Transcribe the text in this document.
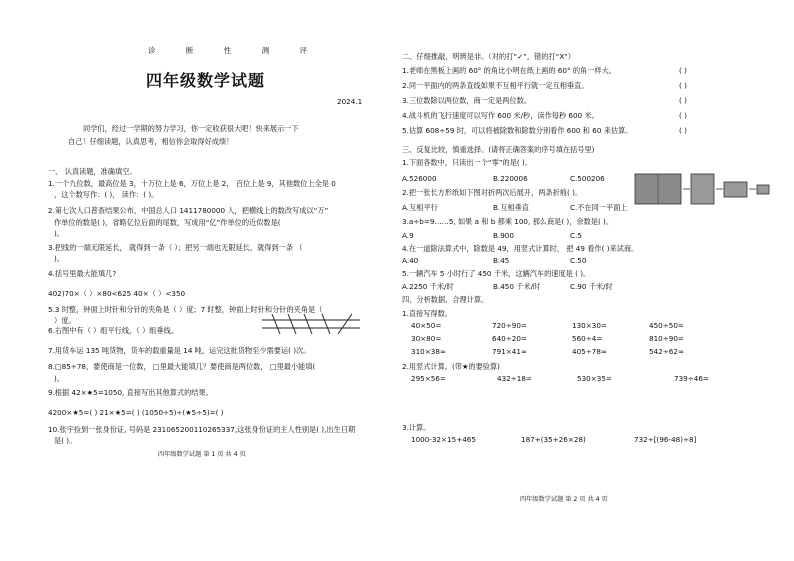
诊 断 性 测 评
四年级数学试题
2024.1
同学们，经过一学期的努力学习，你一定收获很大吧！快来展示一下
自己！仔细读题，认真思考，相信你会取得好成绩！
一、 认真读题，准确填空。
1.一个九位数，最高位是 3，十万位上是 6，万位上是 2， 百位上是 9，其他数位上全是 0
，这个数写作：( )， 读作：( )。
2.第七次人口普查结果公布，中国总人口 1411780000 人，把横线上的数改写成以“万”
作单位的数是( )，省略亿位后面的尾数，写成用“亿”作单位的近似数是(
)。
3.把线的一端无限延长， 就得到一条（ ）；把另一端也无限延长，就得到一条 （
)。
4.括号里最大能填几?
402)70×（ ）×80<625 40×（ ）<350
5.3 时整，钟面上时针和分针的夹角是（ ）度；7 时整，钟面上时针和分针的夹角是（
）度。
6.右图中有（ ）组平行线，（ ）组垂线。
7.用货车运 135 吨货物，货车的载重量是 14 吨，运完这批货物至少需要运( )次。
8.□85÷78，要使商是一位数， □里最大能填几？要使商是两位数， □里最小能填(
)。
9.根据 42×★5=1050, 直接写出其他算式的结果。
4200×★5=( ) 21×★5=( ) (1050÷5)÷(★5÷5)=( )
10.张宇捡到一张身份证, 号码是 231065200110265337,这张身份证的主人性别是( ),出生日期
是( )。
四年级数学试题 第 1 页 共 4 页
二、仔细推敲，明辨是非。（对的打“✓”，错的打“X”）
1.老师在黑板上画的 60° 的角比小明在纸上画的 60° 的角一样大。	( )
2.同一平面内的两条直线如果不互相平行就一定互相垂直。	( )
3.三位数除以两位数，商一定是两位数。	( )
4.战斗机的飞行速度可以写作 600 米/秒，读作每秒 600 米。	( )
5.估算 608÷59 时，可以将被除数和除数分别看作 600 和 60 来估算。	( )
三、反复比较，慎重选择。(请将正确答案的序号填在括号里)
1.下面各数中，只读出一个“零”的是( )。
A.526000	B.220006	C.500206
2.把一张长方形纸如下图对折两次后展开，两条折痕( )。
A.互相平行	B.互相垂直	C.不在同一平面上
3.a÷b=9……5, 如果 a 和 b 都乘 100, 那么商是( )，余数是( )。
A.9	B.900	C.5
4.在一道除法算式中，除数是 49，用竖式计算时， 把 49 看作( )来试商。
A.40	B.45	C.50
5.一辆汽车 5 小时行了 450 千米，这辆汽车的速度是 ( )。
A.2250 千米/时	B.450 千米/时	C.90 千米/时
四、分析数据，合理计算。
1.直接写得数。
40×50=	720÷90=	130×30=	450÷50=
30×80=	640÷20=	560÷4=	810÷90=
310×38≈	791×41≈	405÷78≈	542÷62≈
2.用竖式计算。(带★的要验算)
295×56=	432÷18=	530×35=	739÷46=
3.计算。
1000-32×15+465	187+(35+26×28)	732÷[(96-48)÷8]
四年级数学试题 第 2 页 共 4 页
